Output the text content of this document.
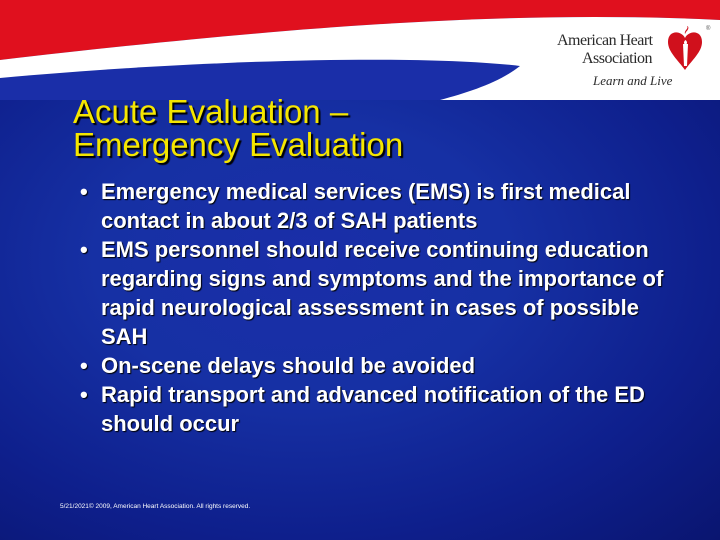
American Heart
Association
Learn and Live
®
Acute Evaluation –
Emergency Evaluation
• Emergency medical services (EMS) is first medical contact in about 2/3 of SAH patients
• EMS personnel should receive continuing education regarding signs and symptoms and the importance of rapid neurological assessment in cases of possible SAH
• On-scene delays should be avoided
• Rapid transport and advanced notification of the ED should occur
5/21/2021© 2009, American Heart Association. All rights reserved.
